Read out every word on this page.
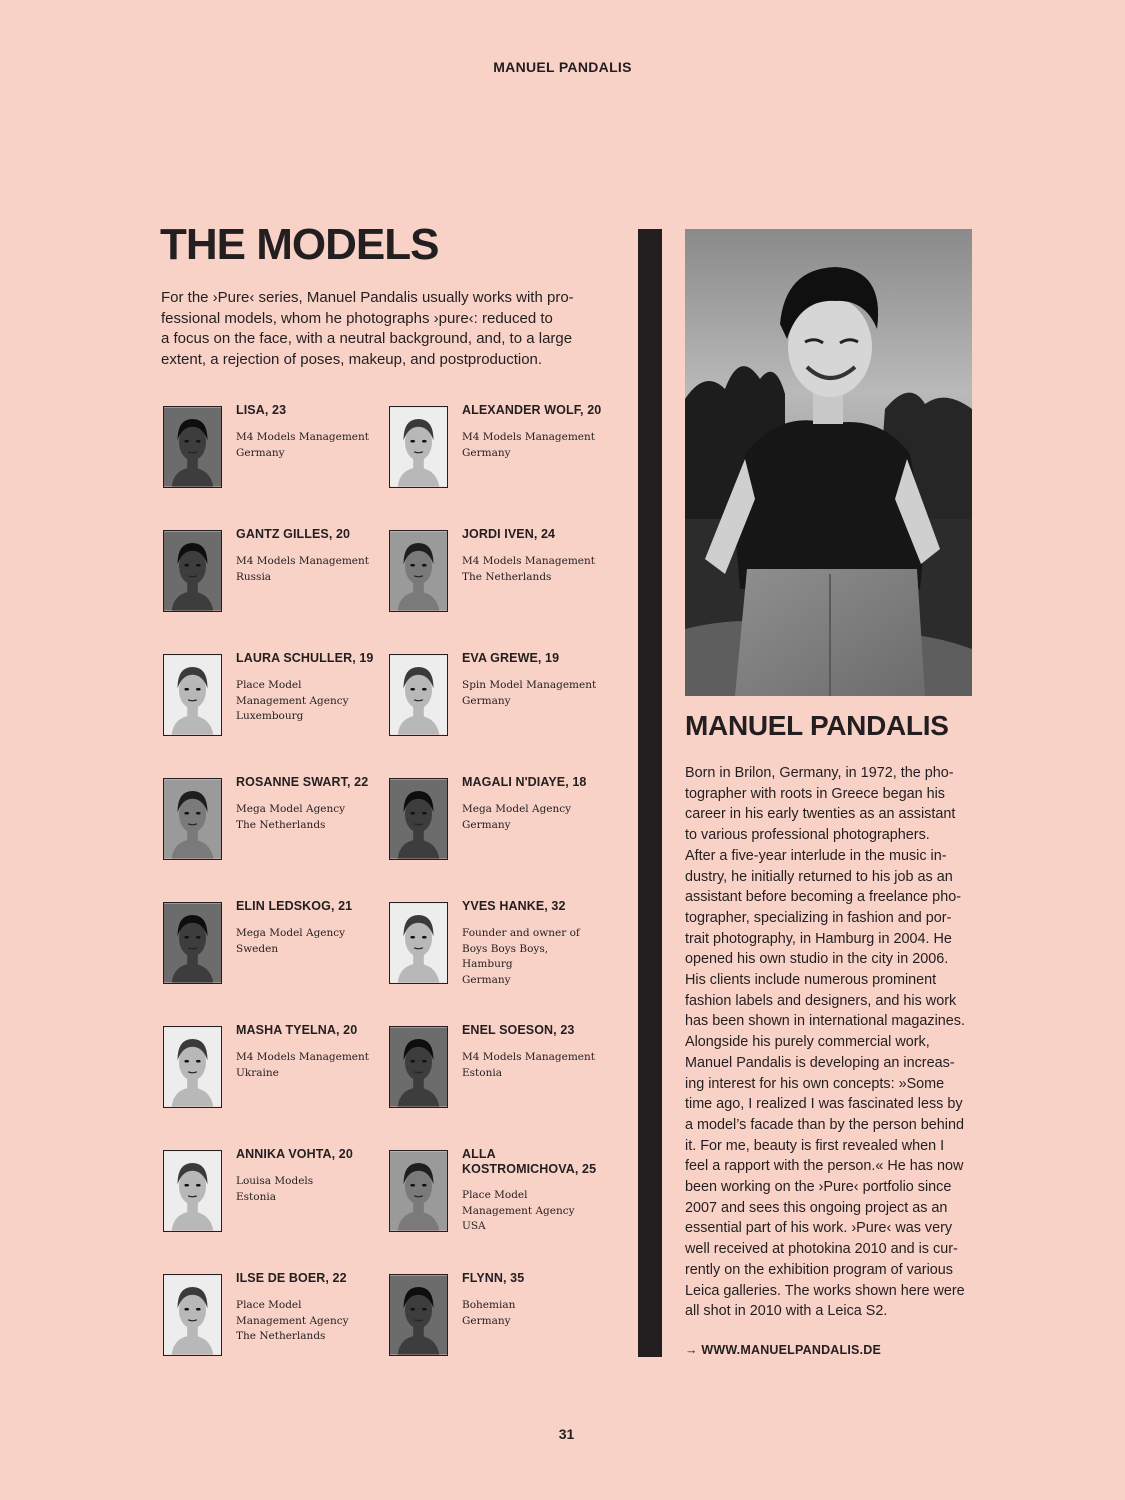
MANUEL PANDALIS
THE MODELS

For the ›Pure‹ series, Manuel Pandalis usually works with pro-
fessional models, whom he photographs ›pure‹: reduced to
a focus on the face, with a neutral background, and, to a large
extent, a rejection of poses, makeup, and postproduction.

LISA, 23
M4 Models Management
Germany
ALEXANDER WOLF, 20
M4 Models Management
Germany
GANTZ GILLES, 20
M4 Models Management
Russia
JORDI IVEN, 24
M4 Models Management
The Netherlands
LAURA SCHULLER, 19
Place Model
Management Agency
Luxembourg
EVA GREWE, 19
Spin Model Management
Germany
ROSANNE SWART, 22
Mega Model Agency
The Netherlands
MAGALI N'DIAYE, 18
Mega Model Agency
Germany
ELIN LEDSKOG, 21
Mega Model Agency
Sweden
YVES HANKE, 32
Founder and owner of
Boys Boys Boys,
Hamburg
Germany
MASHA TYELNA, 20
M4 Models Management
Ukraine
ENEL SOESON, 23
M4 Models Management
Estonia
ANNIKA VOHTA, 20
Louisa Models
Estonia
ALLA
KOSTROMICHOVA, 25
Place Model
Management Agency
USA
ILSE DE BOER, 22
Place Model
Management Agency
The Netherlands
FLYNN, 35
Bohemian
Germany
MANUEL PANDALIS
Born in Brilon, Germany, in 1972, the pho-
tographer with roots in Greece began his
career in his early twenties as an assistant
to various professional photographers.
After a five-year interlude in the music in-
dustry, he initially returned to his job as an
assistant before becoming a freelance pho-
tographer, specializing in fashion and por-
trait photography, in Hamburg in 2004. He
opened his own studio in the city in 2006.
His clients include numerous prominent
fashion labels and designers, and his work
has been shown in international magazines.
Alongside his purely commercial work,
Manuel Pandalis is developing an increas-
ing interest for his own concepts: »Some
time ago, I realized I was fascinated less by
a model’s facade than by the person behind
it. For me, beauty is first revealed when I
feel a rapport with the person.« He has now
been working on the ›Pure‹ portfolio since
2007 and sees this ongoing project as an
essential part of his work. ›Pure‹ was very
well received at photokina 2010 and is cur-
rently on the exhibition program of various
Leica galleries. The works shown here were
all shot in 2010 with a Leica S2.
→ WWW.MANUELPANDALIS.DE
31
